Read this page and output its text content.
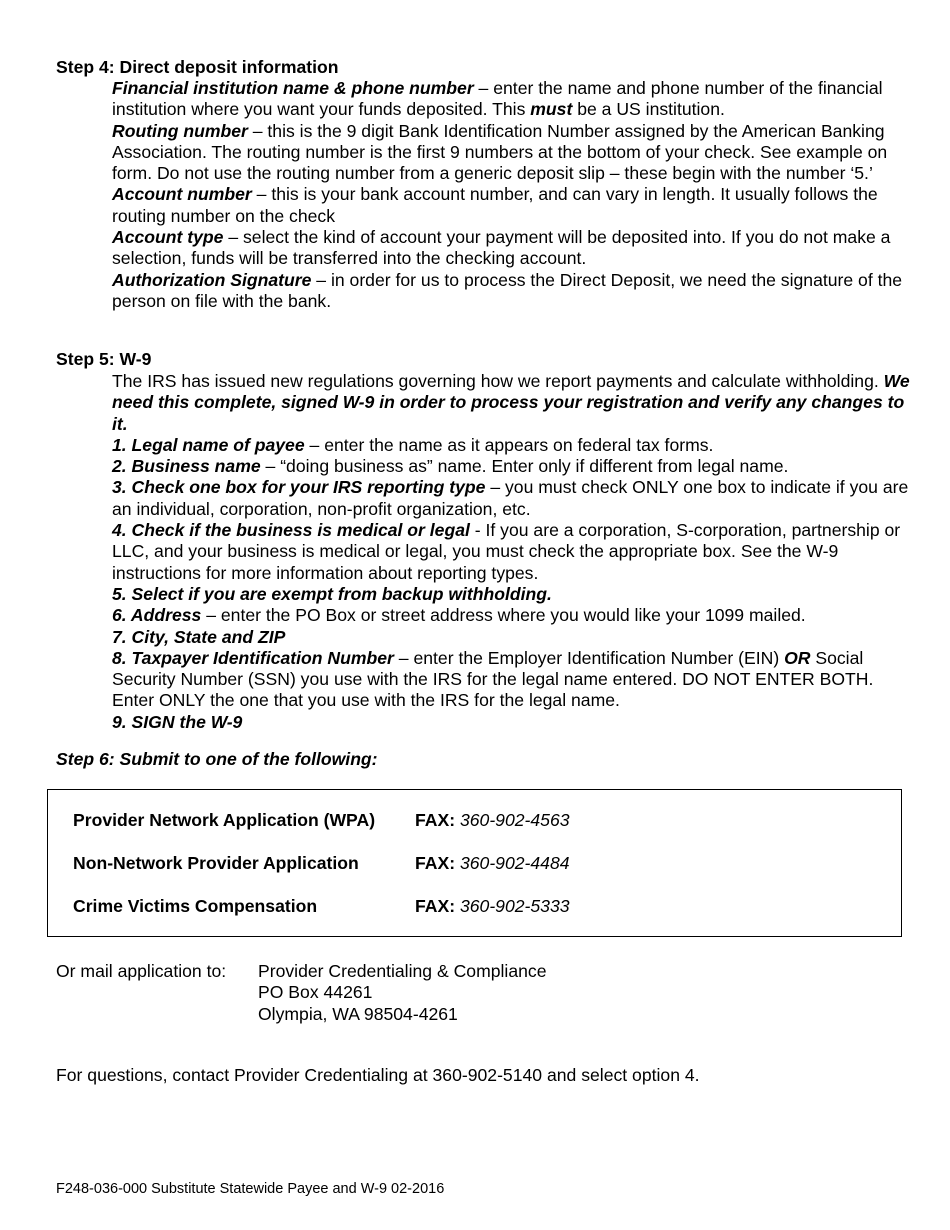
Step 4: Direct deposit information

Financial institution name & phone number – enter the name and phone number of the financial institution where you want your funds deposited. This must be a US institution.

Routing number – this is the 9 digit Bank Identification Number assigned by the American Banking Association. The routing number is the first 9 numbers at the bottom of your check. See example on form. Do not use the routing number from a generic deposit slip – these begin with the number ‘5.’

Account number – this is your bank account number, and can vary in length. It usually follows the routing number on the check

Account type – select the kind of account your payment will be deposited into. If you do not make a selection, funds will be transferred into the checking account.

Authorization Signature – in order for us to process the Direct Deposit, we need the signature of the person on file with the bank.

Step 5: W-9

The IRS has issued new regulations governing how we report payments and calculate withholding. We need this complete, signed W-9 in order to process your registration and verify any changes to it.

1. Legal name of payee – enter the name as it appears on federal tax forms.

2. Business name – “doing business as” name. Enter only if different from legal name.

3. Check one box for your IRS reporting type – you must check ONLY one box to indicate if you are an individual, corporation, non-profit organization, etc.

4. Check if the business is medical or legal - If you are a corporation, S-corporation, partnership or LLC, and your business is medical or legal, you must check the appropriate box. See the W-9 instructions for more information about reporting types.

5. Select if you are exempt from backup withholding.

6. Address – enter the PO Box or street address where you would like your 1099 mailed.

7. City, State and ZIP

8. Taxpayer Identification Number – enter the Employer Identification Number (EIN) OR Social Security Number (SSN) you use with the IRS for the legal name entered. DO NOT ENTER BOTH. Enter ONLY the one that you use with the IRS for the legal name.

9. SIGN the W-9

Step 6: Submit to one of the following:
Provider Network Application (WPA) FAX: 360-902-4563
Non-Network Provider Application	FAX: 360-902-4484
Crime Victims Compensation	FAX: 360-902-5333
Or mail application to: Provider Credentialing & Compliance
PO Box 44261
Olympia, WA 98504-4261
For questions, contact Provider Credentialing at 360-902-5140 and select option 4.
F248-036-000 Substitute Statewide Payee and W-9 02-2016
